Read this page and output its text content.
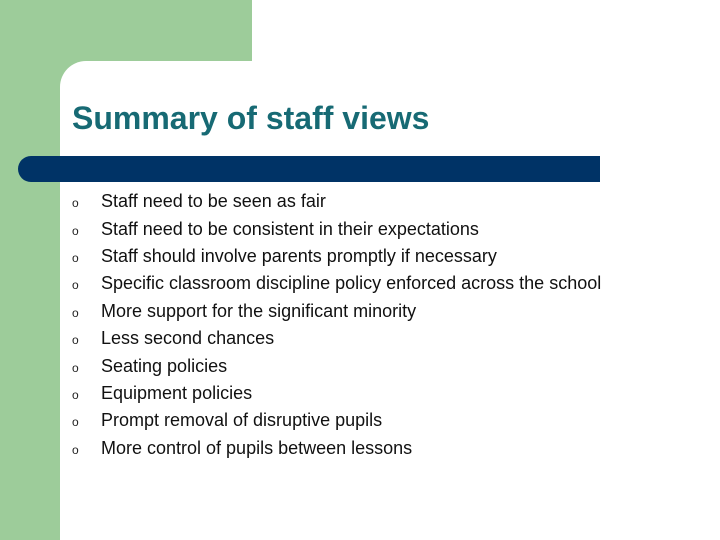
Summary of staff views
o	Staff need to be seen as fair
o	Staff need to be consistent in their expectations
o	Staff should involve parents promptly if necessary
o	Specific classroom discipline policy enforced across the school
o	More support for the significant minority
o	Less second chances
o	Seating policies
o	Equipment policies
o	Prompt removal of disruptive pupils
o	More control of pupils between lessons
